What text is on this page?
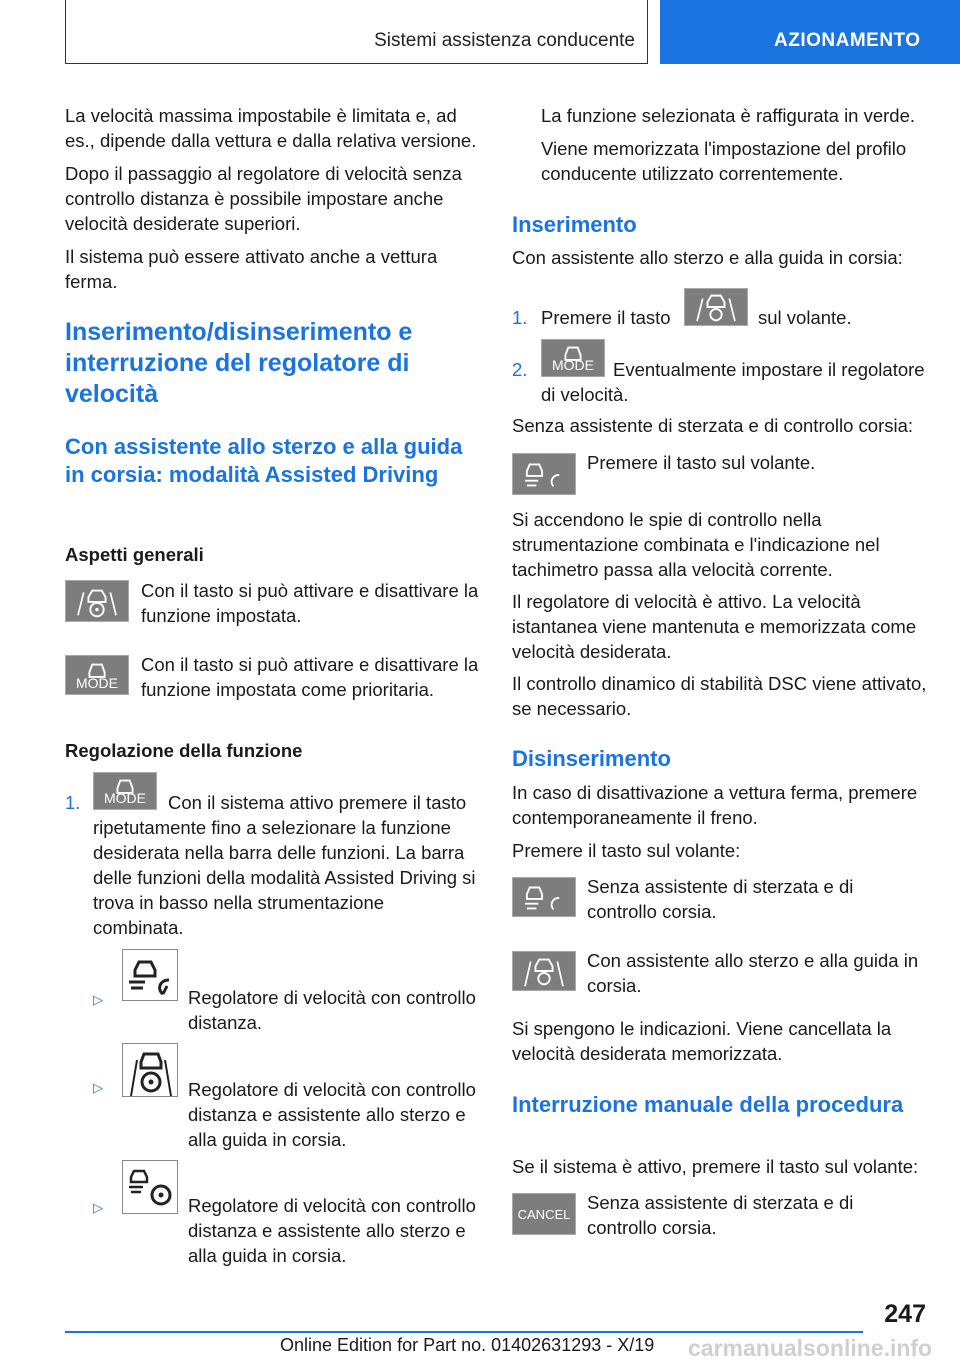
Sistemi assistenza conducente	AZIONAMENTO
La velocità massima impostabile è limitata e, ad es., dipende dalla vettura e dalla relativa versione.
Dopo il passaggio al regolatore di velocità senza controllo distanza è possibile impostare anche velocità desiderate superiori.
Il sistema può essere attivato anche a vettura ferma.
Inserimento/disinserimento e interruzione del regolatore di velocità
Con assistente allo sterzo e alla guida in corsia: modalità Assisted Driving
Aspetti generali
Con il tasto si può attivare e disattivare la funzione impostata.
MODE
Con il tasto si può attivare e disattivare la funzione impostata come prioritaria.
Regolazione della funzione
1.	MODE	Con il sistema attivo premere il tasto
ripetutamente fino a selezionare la funzione desiderata nella barra delle funzioni. La barra delle funzioni della modalità Assisted Driving si trova in basso nella strumentazione combinata.
▷	Regolatore di velocità con controllo distanza.
▷	Regolatore di velocità con controllo distanza e assistente allo sterzo e alla guida in corsia.
▷	Regolatore di velocità con controllo distanza e assistente allo sterzo e alla guida in corsia.
La funzione selezionata è raffigurata in verde.
Viene memorizzata l'impostazione del profilo conducente utilizzato correntemente.
Inserimento
Con assistente allo sterzo e alla guida in corsia:
1. Premere il tasto	sul volante.
2.	MODE	Eventualmente impostare il regolatore di velocità.
Senza assistente di sterzata e di controllo corsia:
Premere il tasto sul volante.
Si accendono le spie di controllo nella strumentazione combinata e l'indicazione nel tachimetro passa alla velocità corrente.
Il regolatore di velocità è attivo. La velocità istantanea viene mantenuta e memorizzata come velocità desiderata.
Il controllo dinamico di stabilità DSC viene attivato, se necessario.
Disinserimento
In caso di disattivazione a vettura ferma, premere contemporaneamente il freno.
Premere il tasto sul volante:
Senza assistente di sterzata e di controllo corsia.
Con assistente allo sterzo e alla guida in corsia.
Si spengono le indicazioni. Viene cancellata la velocità desiderata memorizzata.
Interruzione manuale della procedura
Se il sistema è attivo, premere il tasto sul volante:
CANCEL
Senza assistente di sterzata e di controllo corsia.
247
Online Edition for Part no. 01402631293 - X/19 carmanualsonline.info
